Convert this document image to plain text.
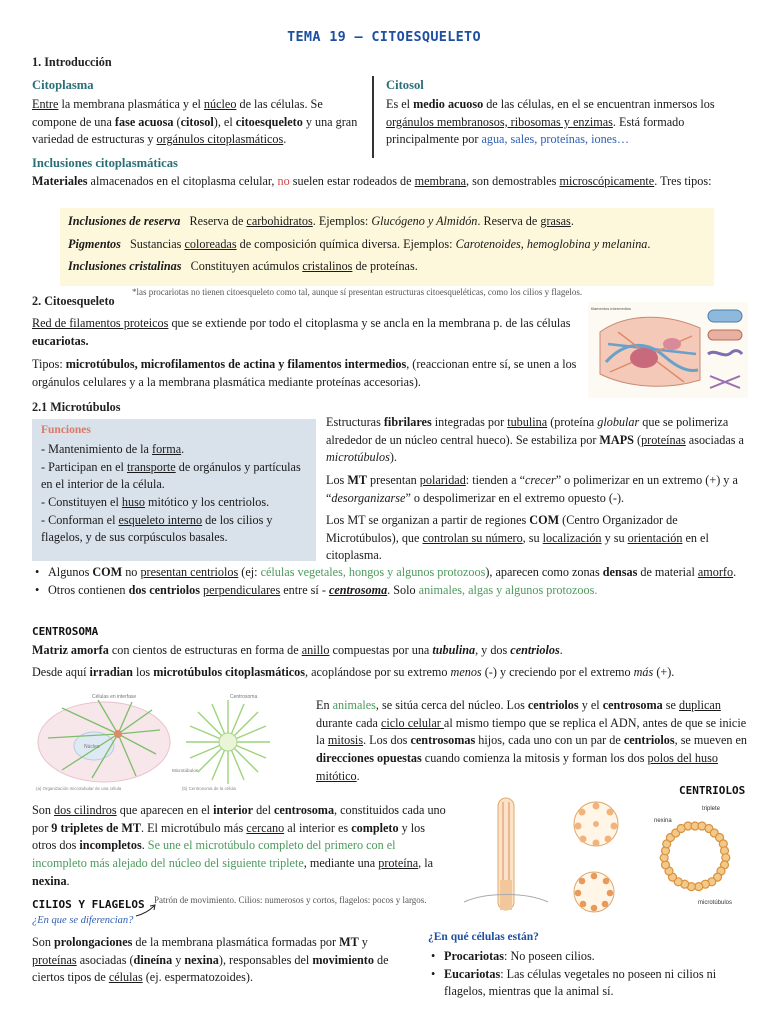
TEMA 19 – CITOESQUELETO
1. Introducción
Citoplasma
Entre la membrana plasmática y el núcleo de las células. Se compone de una fase acuosa (citosol), el citoesqueleto y una gran variedad de estructuras y orgánulos citoplasmáticos.
Citosol
Es el medio acuoso de las células, en el se encuentran inmersos los orgánulos membranosos, ribosomas y enzimas. Está formado principalmente por agua, sales, proteínas, iones…
Inclusiones citoplasmáticas
Materiales almacenados en el citoplasma celular, no suelen estar rodeados de membrana, son demostrables microscópicamente. Tres tipos:
Inclusiones de reserva Reserva de carbohidratos. Ejemplos: Glucógeno y Almidón. Reserva de grasas.
Pigmentos Sustancias coloreadas de composición química diversa. Ejemplos: Carotenoides, hemoglobina y melanina.
Inclusiones cristalinas Constituyen acúmulos cristalinos de proteínas.
*las procariotas no tienen citoesqueleto como tal, aunque sí presentan estructuras citoesqueléticas, como los cilios y flagelos.
2. Citoesqueleto
Red de filamentos proteicos que se extiende por todo el citoplasma y se ancla en la membrana p. de las células eucariotas.
Tipos: microtúbulos, microfilamentos de actina y filamentos intermedios, (reaccionan entre sí, se unen a los orgánulos celulares y a la membrana plasmática mediante proteínas accesorias).
filamentos intermedios
2.1 Microtúbulos
Funciones
- Mantenimiento de la forma.
- Participan en el transporte de orgánulos y partículas en el interior de la célula.
- Constituyen el huso mitótico y los centriolos.
- Conforman el esqueleto interno de los cilios y flagelos, y de sus corpúsculos basales.
Estructuras fibrilares integradas por tubulina (proteína globular que se polimeriza alrededor de un núcleo central hueco). Se estabiliza por MAPS (proteínas asociadas a microtúbulos).
Los MT presentan polaridad: tienden a “crecer” o polimerizar en un extremo (+) y a “desorganizarse” o despolimerizar en el extremo opuesto (-).
Los MT se organizan a partir de regiones COM (Centro Organizador de Microtúbulos), que controlan su número, su localización y su orientación en el citoplasma.
• Algunos COM no presentan centriolos (ej: células vegetales, hongos y algunos protozoos), aparecen como zonas densas de material amorfo.
• Otros contienen dos centriolos perpendiculares entre sí - centrosoma. Solo animales, algas y algunos protozoos.
CENTROSOMA
Matriz amorfa con cientos de estructuras en forma de anillo compuestas por una tubulina, y dos centriolos.
Desde aquí irradian los microtúbulos citoplasmáticos, acoplándose por su extremo menos (-) y creciendo por el extremo más (+).
Células en interfase
Núcleo
(a) Organización microtubular de una célula
Centrosoma
Microtúbulos
(b) Centrosoma de la célula
En animales, se sitúa cerca del núcleo. Los centriolos y el centrosoma se duplican durante cada ciclo celular al mismo tiempo que se replica el ADN, antes de que se inicie la mitosis. Los dos centrosomas hijos, cada uno con un par de centriolos, se mueven en direcciones opuestas cuando comienza la mitosis y forman los dos polos del huso mitótico.
CENTRIOLOS
Son dos cilindros que aparecen en el interior del centrosoma, constituidos cada uno por 9 tripletes de MT. El microtúbulo más cercano al interior es completo y los otros dos incompletos. Se une el microtúbulo completo del primero con el incompleto más alejado del núcleo del siguiente triplete, mediante una proteína, la nexina.
triplete
nexina
microtúbulos
CILIOS Y FLAGELOS Patrón de movimiento. Cilios: numerosos y cortos, flagelos: pocos y largos.
¿En que se diferencian?
Son prolongaciones de la membrana plasmática formadas por MT y proteínas asociadas (dineína y nexina), responsables del movimiento de ciertos tipos de células (ej. espermatozoides).
¿En qué células están?
• Procariotas: No poseen cilios.
• Eucariotas: Las células vegetales no poseen ni cilios ni flagelos, mientras que la animal sí.
